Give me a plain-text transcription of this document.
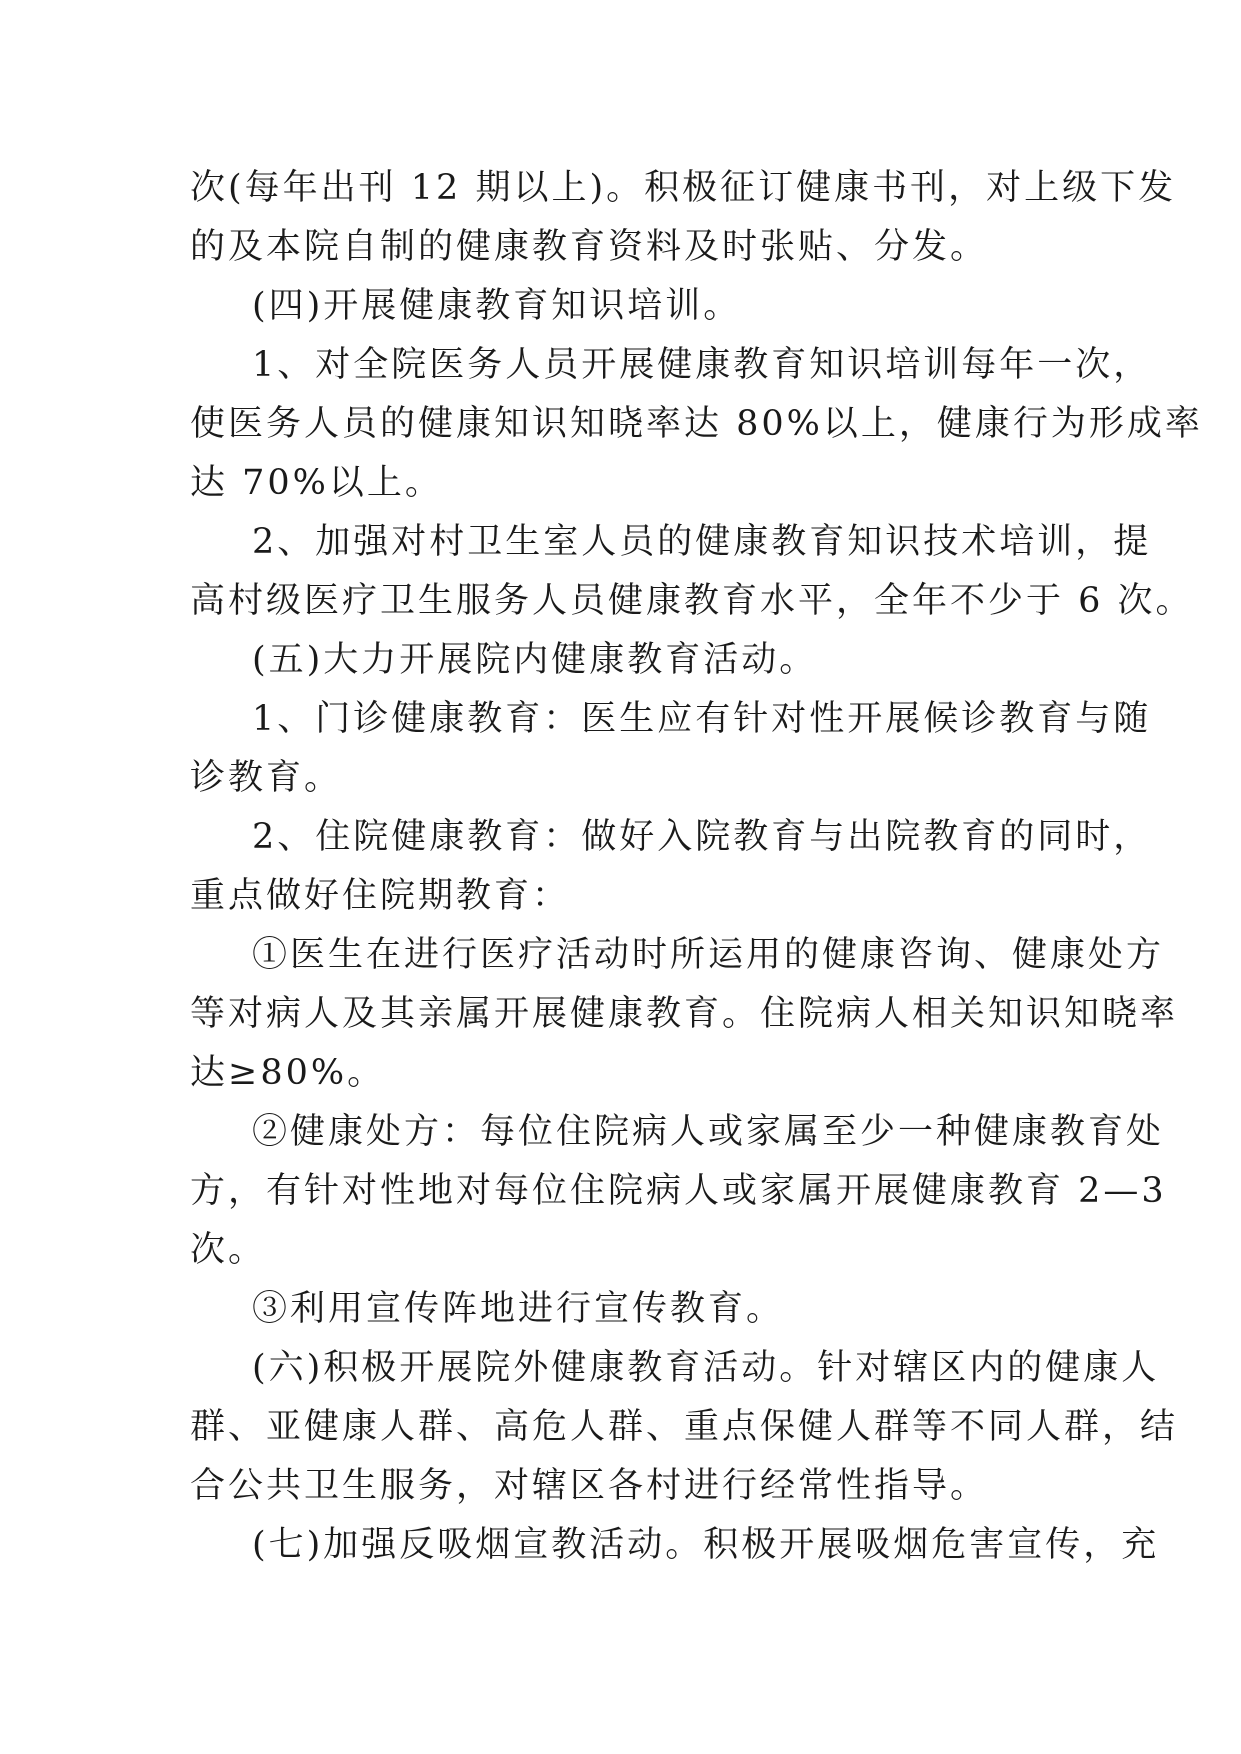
次(每年出刊 12 期以上)。积极征订健康书刊，对上级下发
的及本院自制的健康教育资料及时张贴、分发。
(四)开展健康教育知识培训。
1、对全院医务人员开展健康教育知识培训每年一次，
使医务人员的健康知识知晓率达 80%以上，健康行为形成率
达 70%以上。
2、加强对村卫生室人员的健康教育知识技术培训，提
高村级医疗卫生服务人员健康教育水平，全年不少于 6 次。
(五)大力开展院内健康教育活动。
1、门诊健康教育：医生应有针对性开展候诊教育与随
诊教育。
2、住院健康教育：做好入院教育与出院教育的同时，
重点做好住院期教育：
①医生在进行医疗活动时所运用的健康咨询、健康处方
等对病人及其亲属开展健康教育。住院病人相关知识知晓率
达≥80%。
②健康处方：每位住院病人或家属至少一种健康教育处
方，有针对性地对每位住院病人或家属开展健康教育 2—3
次。
③利用宣传阵地进行宣传教育。
(六)积极开展院外健康教育活动。针对辖区内的健康人
群、亚健康人群、高危人群、重点保健人群等不同人群，结
合公共卫生服务，对辖区各村进行经常性指导。
(七)加强反吸烟宣教活动。积极开展吸烟危害宣传，充
